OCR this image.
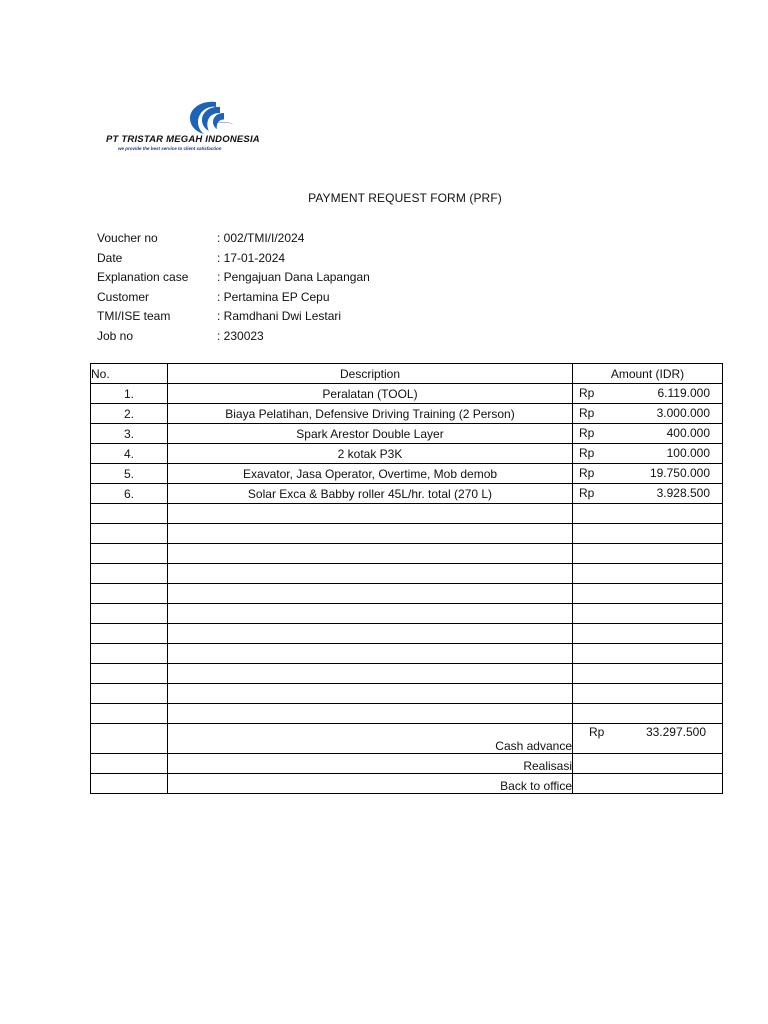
PT TRISTAR MEGAH INDONESIA
we provide the best service to client satisfaction
PAYMENT REQUEST FORM (PRF)
Voucher no	: 002/TMI/I/2024
Date	: 17-01-2024
Explanation case : Pengajuan Dana Lapangan
Customer	: Pertamina EP Cepu
TMI/ISE team	: Ramdhani Dwi Lestari
Job no	: 230023
No.	Description	Amount (IDR)
1.	Peralatan (TOOL)	Rp 6.119.000

2.	Biaya Pelatihan, Defensive Driving Training (2 Person)	Rp 3.000.000

3.	Spark Arestor Double Layer	Rp 400.000

4.	2 kotak P3K	Rp 100.000

5.	Exavator, Jasa Operator, Overtime, Mob demob	Rp 19.750.000

6.	Solar Exca & Babby roller 45L/hr. total (270 L)	Rp 3.928.500

	Cash advance	Rp 33.297.500

	Realisasi	
	Back to office	
